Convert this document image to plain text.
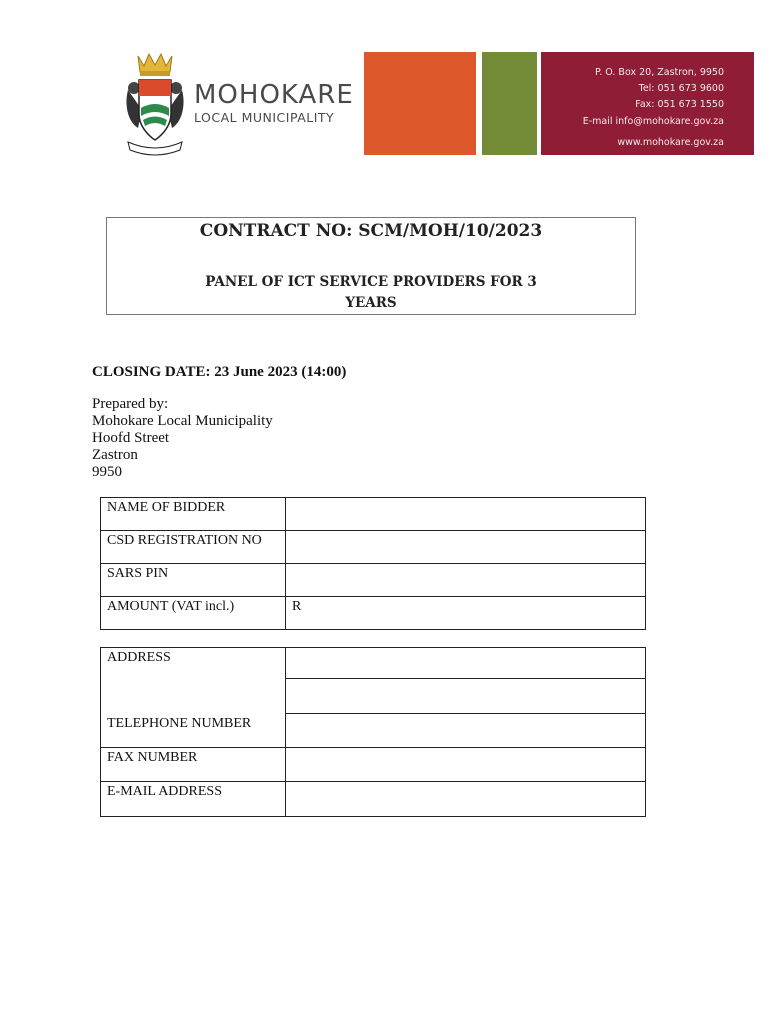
MOHOKARE
LOCAL MUNICIPALITY
P. O. Box 20, Zastron, 9950
Tel: 051 673 9600
Fax: 051 673 1550
E-mail info@mohokare.gov.za
www.mohokare.gov.za
CONTRACT NO: SCM/MOH/10/2023
PANEL OF ICT SERVICE PROVIDERS FOR 3
YEARS
CLOSING DATE: 23 June 2023 (14:00)
Prepared by:
Mohokare Local Municipality
Hoofd Street
Zastron
9950
NAME OF BIDDER	
CSD REGISTRATION NO	
SARS PIN	
AMOUNT (VAT incl.)	R
ADDRESS	

TELEPHONE NUMBER	
FAX NUMBER	
E-MAIL ADDRESS	
